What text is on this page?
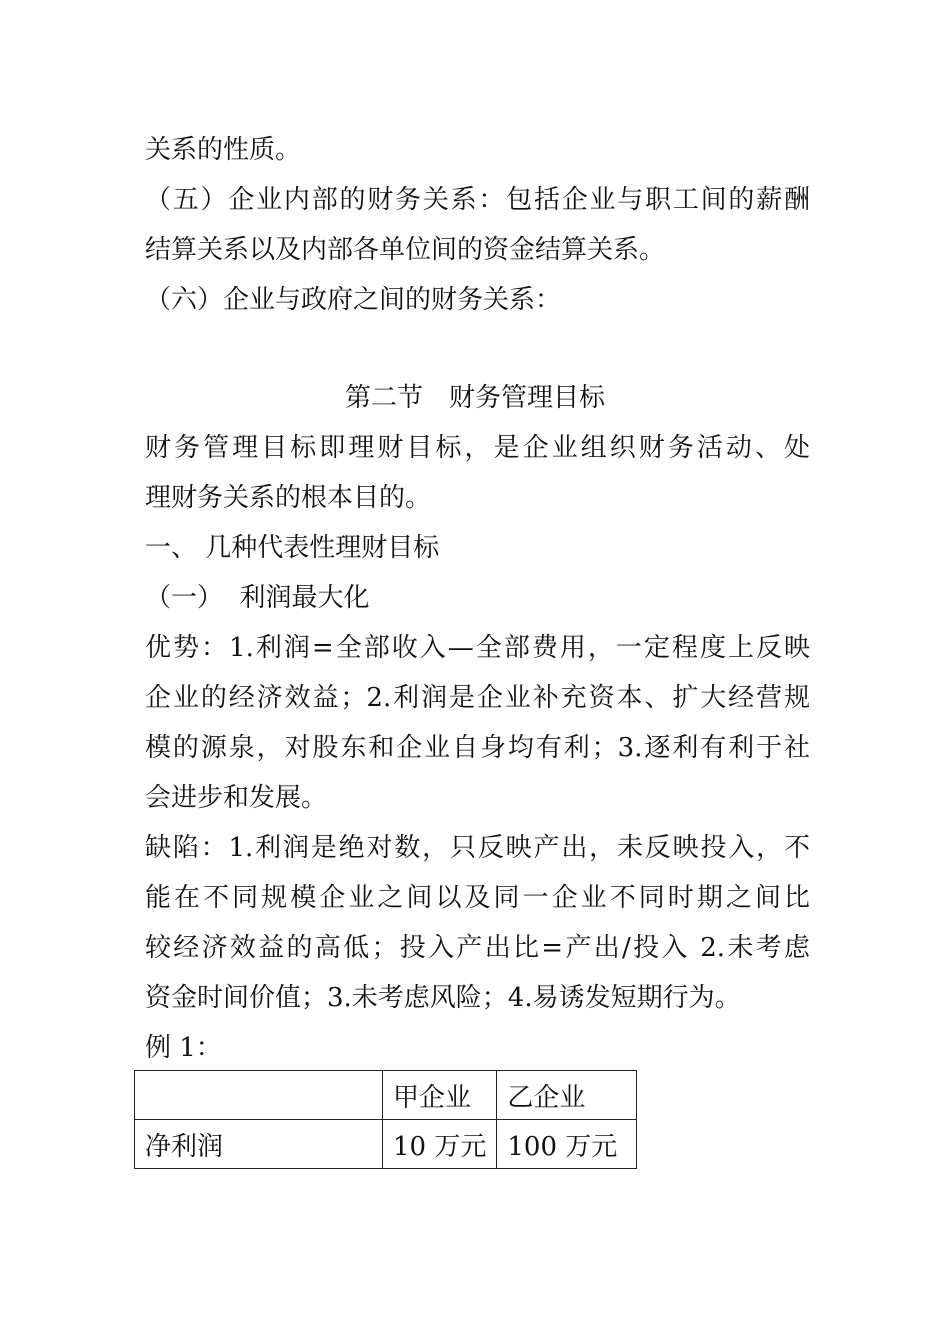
关系的性质。
（五）企业内部的财务关系：包括企业与职工间的薪酬
结算关系以及内部各单位间的资金结算关系。
（六）企业与政府之间的财务关系：
第二节 财务管理目标
财务管理目标即理财目标，是企业组织财务活动、处
理财务关系的根本目的。
一、 几种代表性理财目标
（一）  利润最大化
优势：1.利润=全部收入—全部费用，一定程度上反映
企业的经济效益；2.利润是企业补充资本、扩大经营规
模的源泉，对股东和企业自身均有利；3.逐利有利于社
会进步和发展。
缺陷：1.利润是绝对数，只反映产出，未反映投入，不
能在不同规模企业之间以及同一企业不同时期之间比
较经济效益的高低；投入产出比=产出/投入 2.未考虑
资金时间价值；3.未考虑风险；4.易诱发短期行为。
例 1：
	甲企业	乙企业
净利润	10 万元	100 万元
